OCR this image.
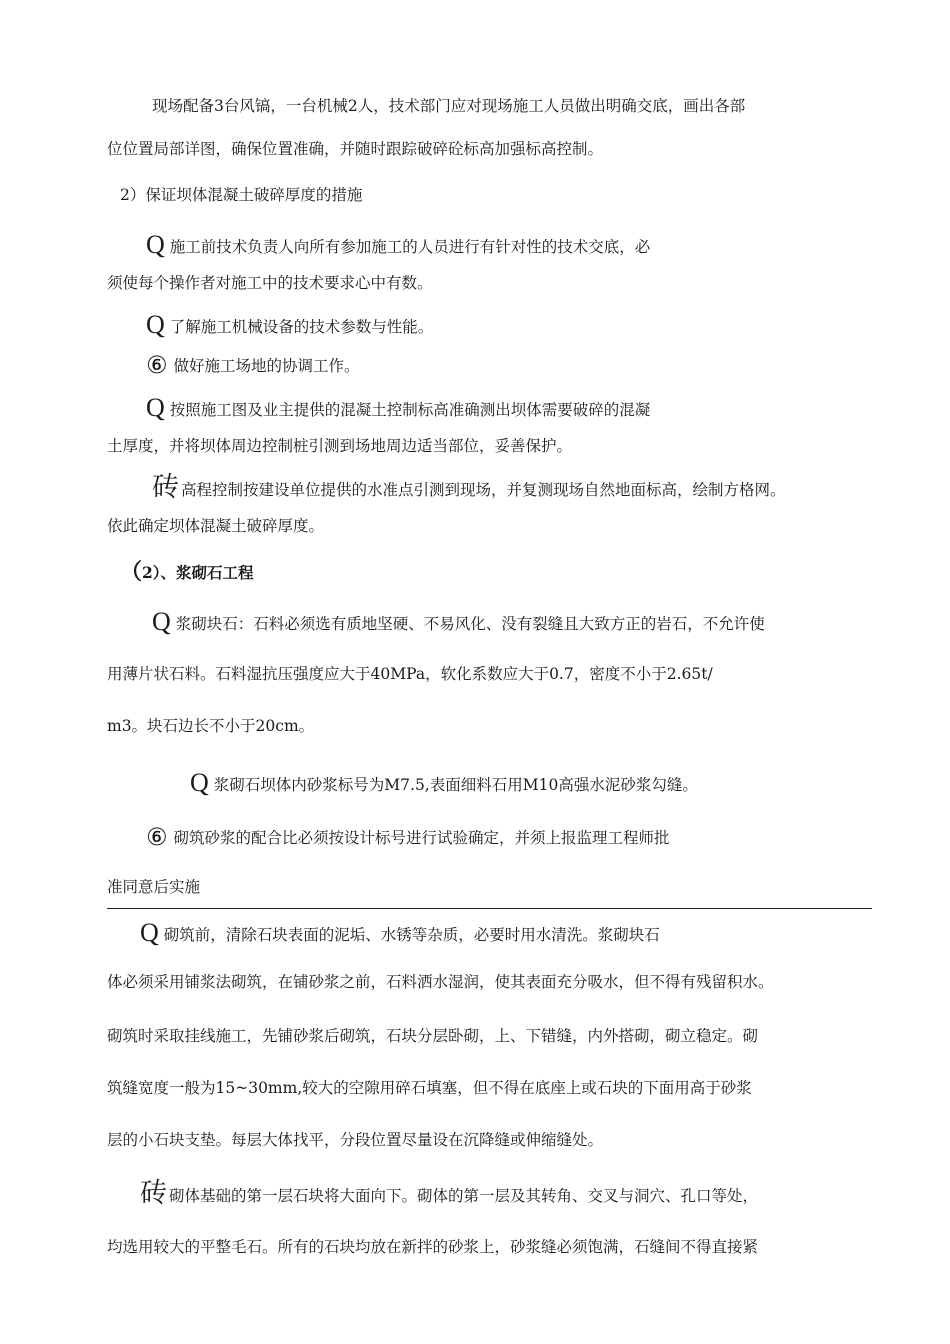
现场配备3台风镐，一台机械2人，技术部门应对现场施工人员做出明确交底，画出各部
位位置局部详图，确保位置准确，并随时跟踪破碎砼标高加强标高控制。
2）保证坝体混凝土破碎厚度的措施
Q施工前技术负责人向所有参加施工的人员进行有针对性的技术交底，必
须使每个操作者对施工中的技术要求心中有数。
Q了解施工机械设备的技术参数与性能。
⑥ 做好施工场地的协调工作。
Q按照施工图及业主提供的混凝土控制标高准确测出坝体需要破碎的混凝
土厚度，并将坝体周边控制桩引测到场地周边适当部位，妥善保护。
砖高程控制按建设单位提供的水准点引测到现场，并复测现场自然地面标高，绘制方格网。
依此确定坝体混凝土破碎厚度。
（2）、浆砌石工程
Q浆砌块石：石料必须选有质地坚硬、不易风化、没有裂缝且大致方正的岩石，不允许使
用薄片状石料。石料湿抗压强度应大于40MPa，软化系数应大于0.7，密度不小于2.65t/
m3。块石边长不小于20cm。
Q浆砌石坝体内砂浆标号为M7.5,表面细料石用M10高强水泥砂浆勾缝。
⑥ 砌筑砂浆的配合比必须按设计标号进行试验确定，并须上报监理工程师批
准同意后实施
Q砌筑前，清除石块表面的泥垢、水锈等杂质，必要时用水清洗。浆砌块石
体必须采用铺浆法砌筑，在铺砂浆之前，石料洒水湿润，使其表面充分吸水，但不得有残留积水。
砌筑时采取挂线施工，先铺砂浆后砌筑，石块分层卧砌，上、下错缝，内外搭砌，砌立稳定。砌
筑缝宽度一般为15~30mm,较大的空隙用碎石填塞，但不得在底座上或石块的下面用高于砂浆
层的小石块支垫。每层大体找平，分段位置尽量设在沉降缝或伸缩缝处。
砖砌体基础的第一层石块将大面向下。砌体的第一层及其转角、交叉与洞穴、孔口等处，
均选用较大的平整毛石。所有的石块均放在新拌的砂浆上，砂浆缝必须饱满，石缝间不得直接紧
